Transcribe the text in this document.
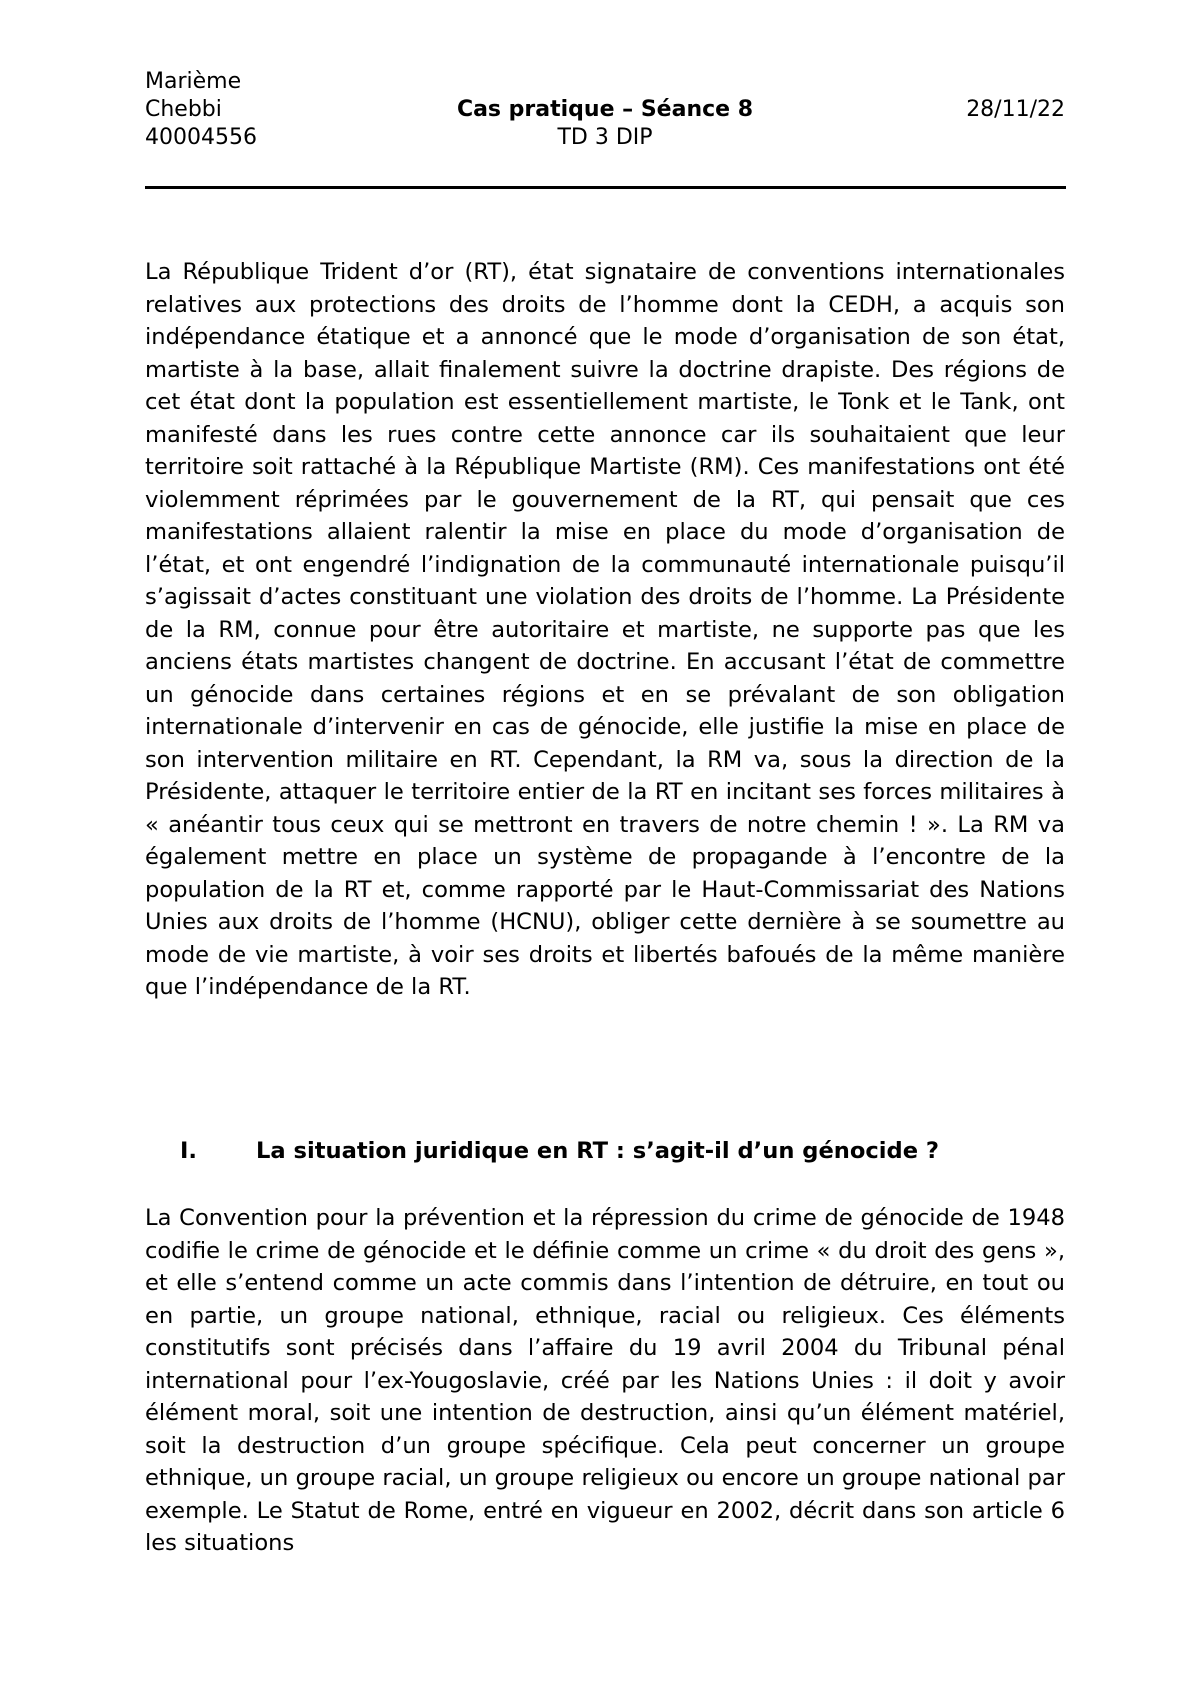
Marième
Chebbi
40004556
Cas pratique – Séance 8
TD 3 DIP
28/11/22

La République Trident d’or (RT), état signataire de conventions internationales relatives aux protections des droits de l’homme dont la CEDH, a acquis son indépendance étatique et a annoncé que le mode d’organisation de son état, martiste à la base, allait finalement suivre la doctrine drapiste. Des régions de cet état dont la population est essentiellement martiste, le Tonk et le Tank, ont manifesté dans les rues contre cette annonce car ils souhaitaient que leur territoire soit rattaché à la République Martiste (RM). Ces manifestations ont été violemment réprimées par le gouvernement de la RT, qui pensait que ces manifestations allaient ralentir la mise en place du mode d’organisation de l’état, et ont engendré l’indignation de la communauté internationale puisqu’il s’agissait d’actes constituant une violation des droits de l’homme. La Présidente de la RM, connue pour être autoritaire et martiste, ne supporte pas que les anciens états martistes changent de doctrine. En accusant l’état de commettre un génocide dans certaines régions et en se prévalant de son obligation internationale d’intervenir en cas de génocide, elle justifie la mise en place de son intervention militaire en RT. Cependant, la RM va, sous la direction de la Présidente, attaquer le territoire entier de la RT en incitant ses forces militaires à « anéantir tous ceux qui se mettront en travers de notre chemin ! ». La RM va également mettre en place un système de propagande à l’encontre de la population de la RT et, comme rapporté par le Haut-Commissariat des Nations Unies aux droits de l’homme (HCNU), obliger cette dernière à se soumettre au mode de vie martiste, à voir ses droits et libertés bafoués de la même manière que l’indépendance de la RT.

I.	La situation juridique en RT : s’agit-il d’un génocide ?

La Convention pour la prévention et la répression du crime de génocide de 1948 codifie le crime de génocide et le définie comme un crime « du droit des gens », et elle s’entend comme un acte commis dans l’intention de détruire, en tout ou en partie, un groupe national, ethnique, racial ou religieux. Ces éléments constitutifs sont précisés dans l’affaire du 19 avril 2004 du Tribunal pénal international pour l’ex-Yougoslavie, créé par les Nations Unies : il doit y avoir élément moral, soit une intention de destruction, ainsi qu’un élément matériel, soit la destruction d’un groupe spécifique. Cela peut concerner un groupe ethnique, un groupe racial, un groupe religieux ou encore un groupe national par exemple. Le Statut de Rome, entré en vigueur en 2002, décrit dans son article 6 les situations
